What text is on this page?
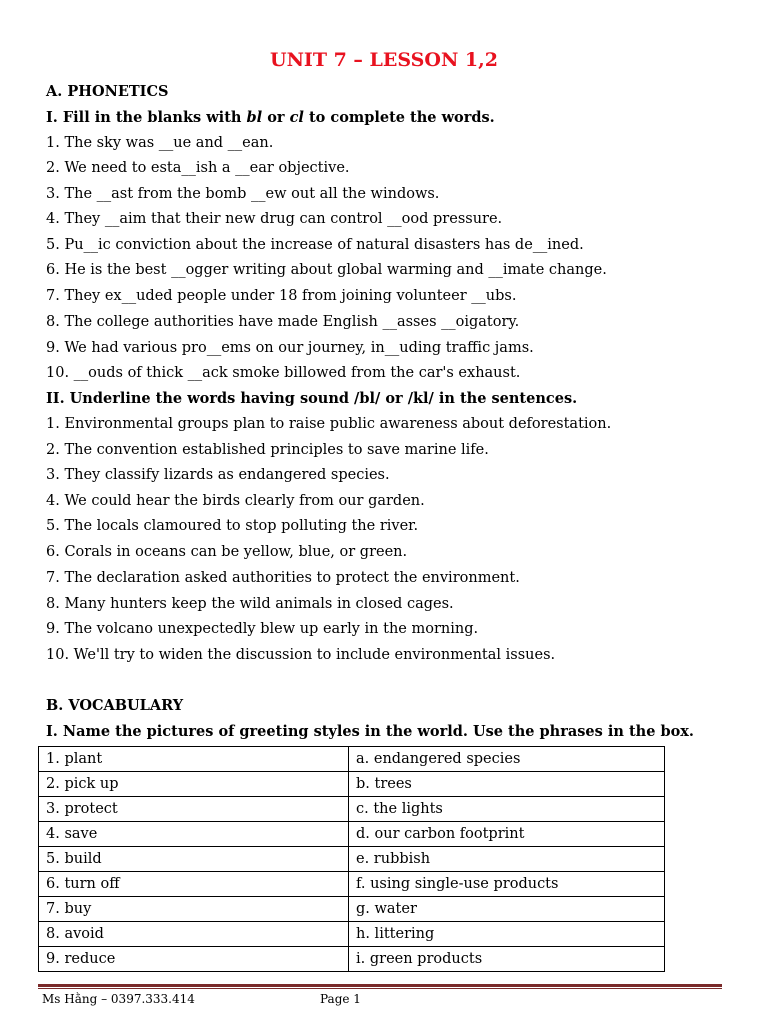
UNIT 7 – LESSON 1,2
A. PHONETICS
I. Fill in the blanks with bl or cl to complete the words.
1. The sky was __ue and __ean.
2. We need to esta__ish a __ear objective.
3. The __ast from the bomb __ew out all the windows.
4. They __aim that their new drug can control __ood pressure.
5. Pu__ic conviction about the increase of natural disasters has de__ined.
6. He is the best __ogger writing about global warming and __imate change.
7. They ex__uded people under 18 from joining volunteer __ubs.
8. The college authorities have made English __asses __oigatory.
9. We had various pro__ems on our journey, in__uding traffic jams.
10. __ouds of thick __ack smoke billowed from the car's exhaust.
II. Underline the words having sound /bl/ or /kl/ in the sentences.
1. Environmental groups plan to raise public awareness about deforestation.
2. The convention established principles to save marine life.
3. They classify lizards as endangered species.
4. We could hear the birds clearly from our garden.
5. The locals clamoured to stop polluting the river.
6. Corals in oceans can be yellow, blue, or green.
7. The declaration asked authorities to protect the environment.
8. Many hunters keep the wild animals in closed cages.
9. The volcano unexpectedly blew up early in the morning.
10. We'll try to widen the discussion to include environmental issues.
B. VOCABULARY
I. Name the pictures of greeting styles in the world. Use the phrases in the box.
1. plant	a. endangered species
2. pick up	b. trees
3. protect	c. the lights
4. save	d. our carbon footprint
5. build	e. rubbish
6. turn off	f. using single-use products
7. buy	g. water
8. avoid	h. littering
9. reduce	i. green products
Ms Hằng – 0397.333.414	Page 1
